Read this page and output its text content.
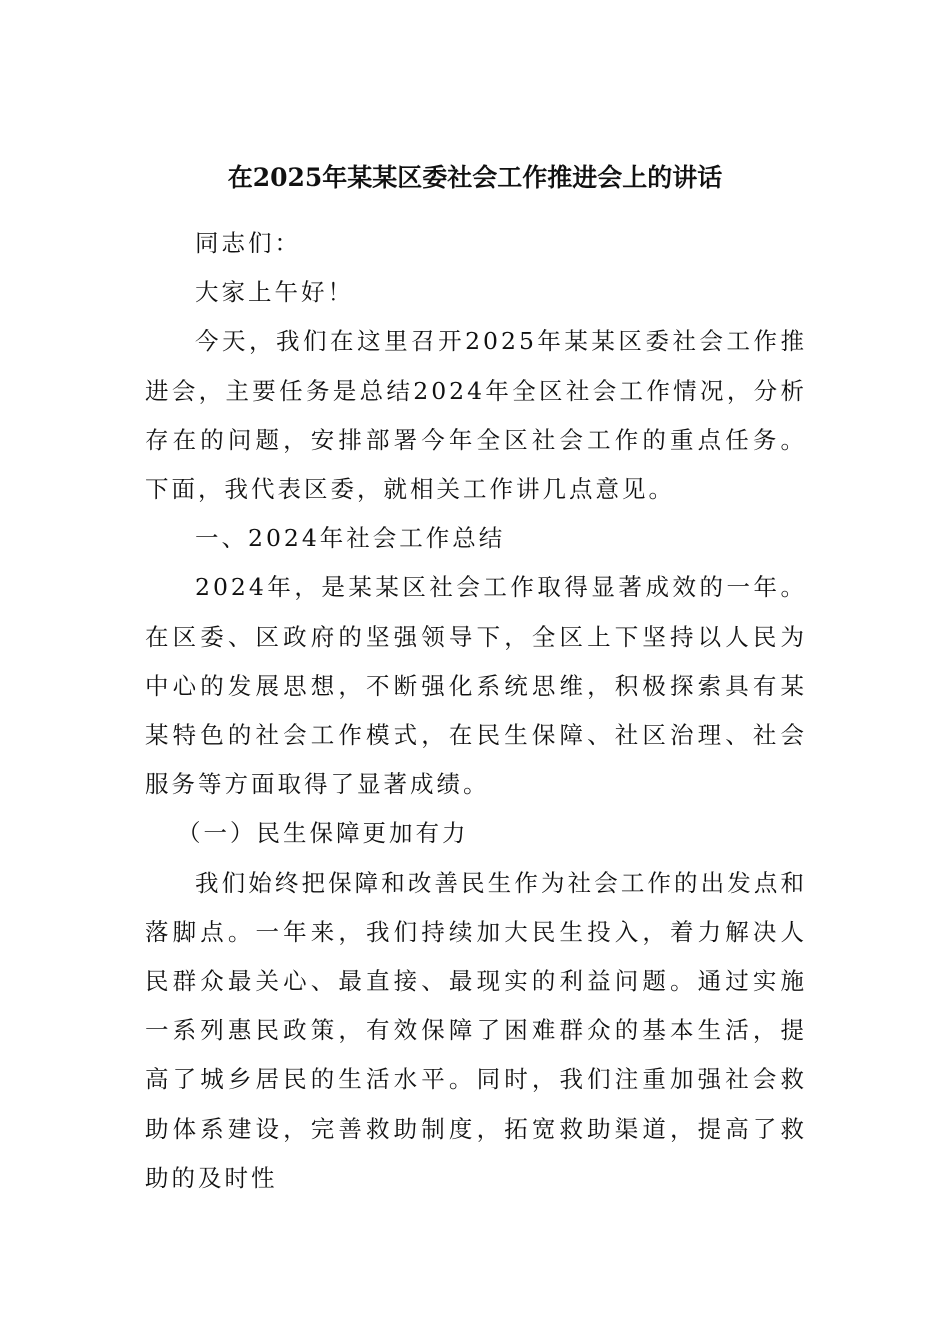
在2025年某某区委社会工作推进会上的讲话

同志们：

大家上午好！

今天，我们在这里召开2025年某某区委社会工作推进会，主要任务是总结2024年全区社会工作情况，分析存在的问题，安排部署今年全区社会工作的重点任务。下面，我代表区委，就相关工作讲几点意见。

一、2024年社会工作总结

2024年，是某某区社会工作取得显著成效的一年。在区委、区政府的坚强领导下，全区上下坚持以人民为中心的发展思想，不断强化系统思维，积极探索具有某某特色的社会工作模式，在民生保障、社区治理、社会服务等方面取得了显著成绩。

（一）民生保障更加有力

我们始终把保障和改善民生作为社会工作的出发点和落脚点。一年来，我们持续加大民生投入，着力解决人民群众最关心、最直接、最现实的利益问题。通过实施一系列惠民政策，有效保障了困难群众的基本生活，提高了城乡居民的生活水平。同时，我们注重加强社会救助体系建设，完善救助制度，拓宽救助渠道，提高了救助的及时性
